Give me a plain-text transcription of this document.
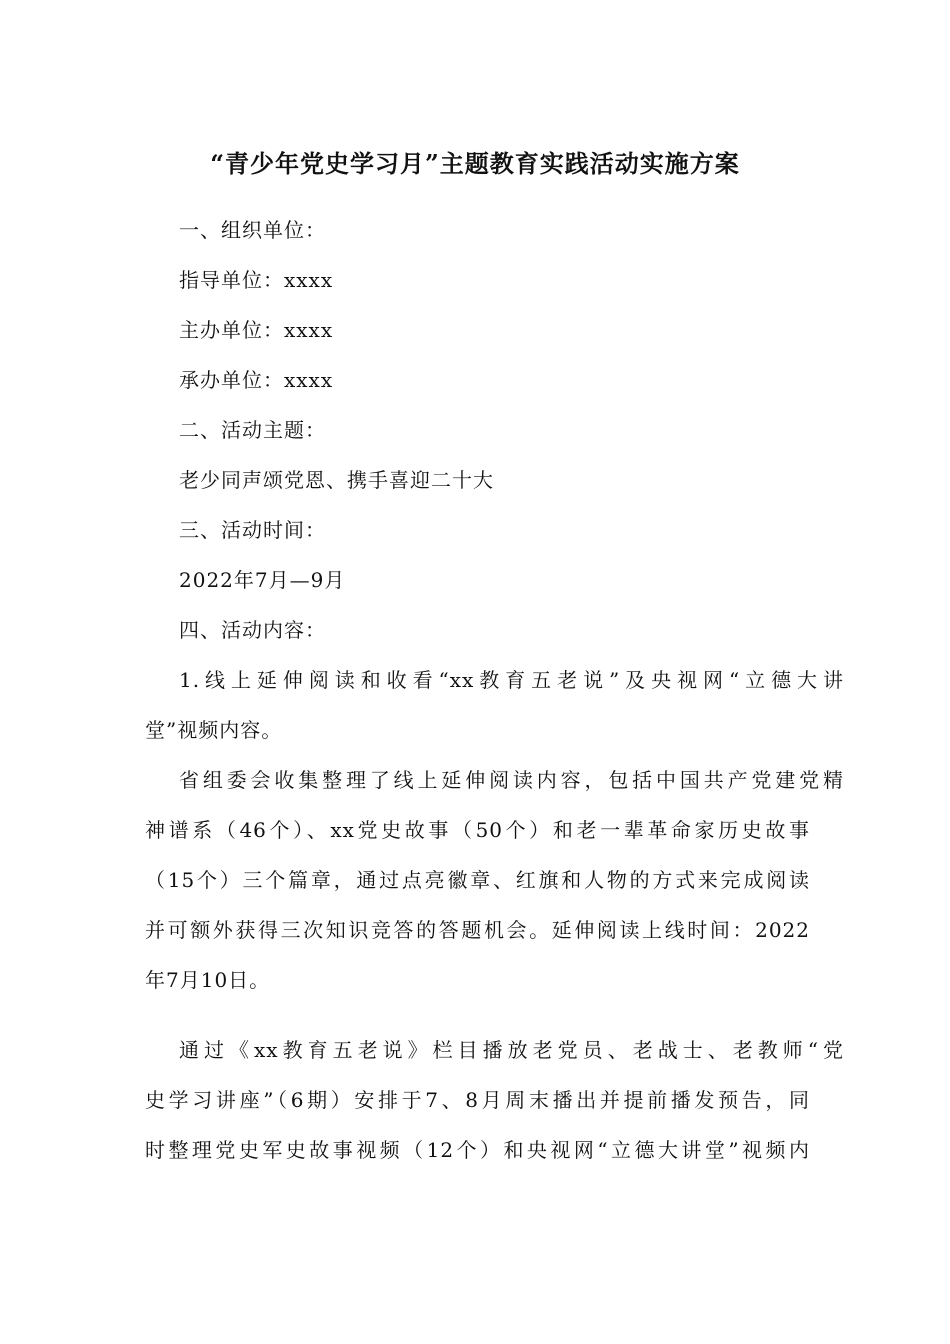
“青少年党史学习月”主题教育实践活动实施方案
一、组织单位：
指导单位：xxxx
主办单位：xxxx
承办单位：xxxx
二、活动主题：
老少同声颂党恩、携手喜迎二十大
三、活动时间：
2022年7月—9月
四、活动内容：
1.线上延伸阅读和收看“xx教育五老说”及央视网“立德大讲
堂”视频内容。
省组委会收集整理了线上延伸阅读内容，包括中国共产党建党精
神谱系（46个）、xx党史故事（50个）和老一辈革命家历史故事
（15个）三个篇章，通过点亮徽章、红旗和人物的方式来完成阅读
并可额外获得三次知识竞答的答题机会。延伸阅读上线时间：2022
年7月10日。
通过《xx教育五老说》栏目播放老党员、老战士、老教师“党
史学习讲座”（6期）安排于7、8月周末播出并提前播发预告，同
时整理党史军史故事视频（12个）和央视网“立德大讲堂”视频内
